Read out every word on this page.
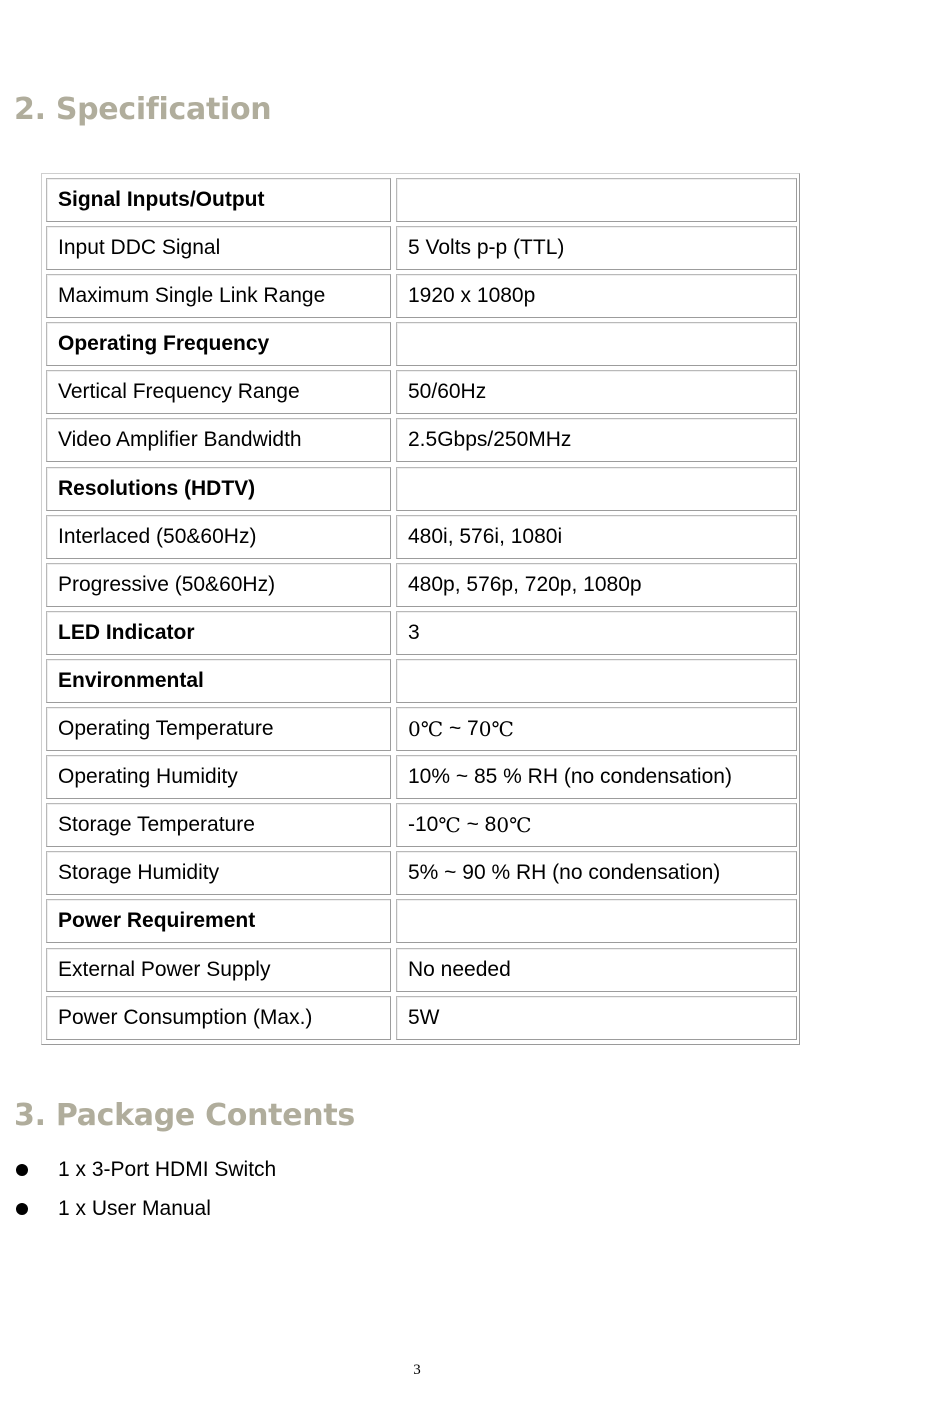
2. Specification
Signal Inputs/Output
Input DDC Signal	5 Volts p-p (TTL)
Maximum Single Link Range	1920 x 1080p
Operating Frequency
Vertical Frequency Range	50/60Hz
Video Amplifier Bandwidth	2.5Gbps/250MHz
Resolutions (HDTV)
Interlaced (50&60Hz)	480i, 576i, 1080i
Progressive (50&60Hz)	480p, 576p, 720p, 1080p
LED Indicator	3
Environmental
Operating Temperature	0℃ ~ 7 0℃
Operating Humidity	10% ~ 85 % RH (no condensation)
Storage Temperature	-10 ℃ ~ 8 0℃
Storage Humidity	5% ~ 90 % RH (no condensation)
Power Requirement
External Power Supply	No needed
Power Consumption (Max.)	5W
3. Package Contents
1 x 3-Port HDMI Switch
1 x User Manual
3
